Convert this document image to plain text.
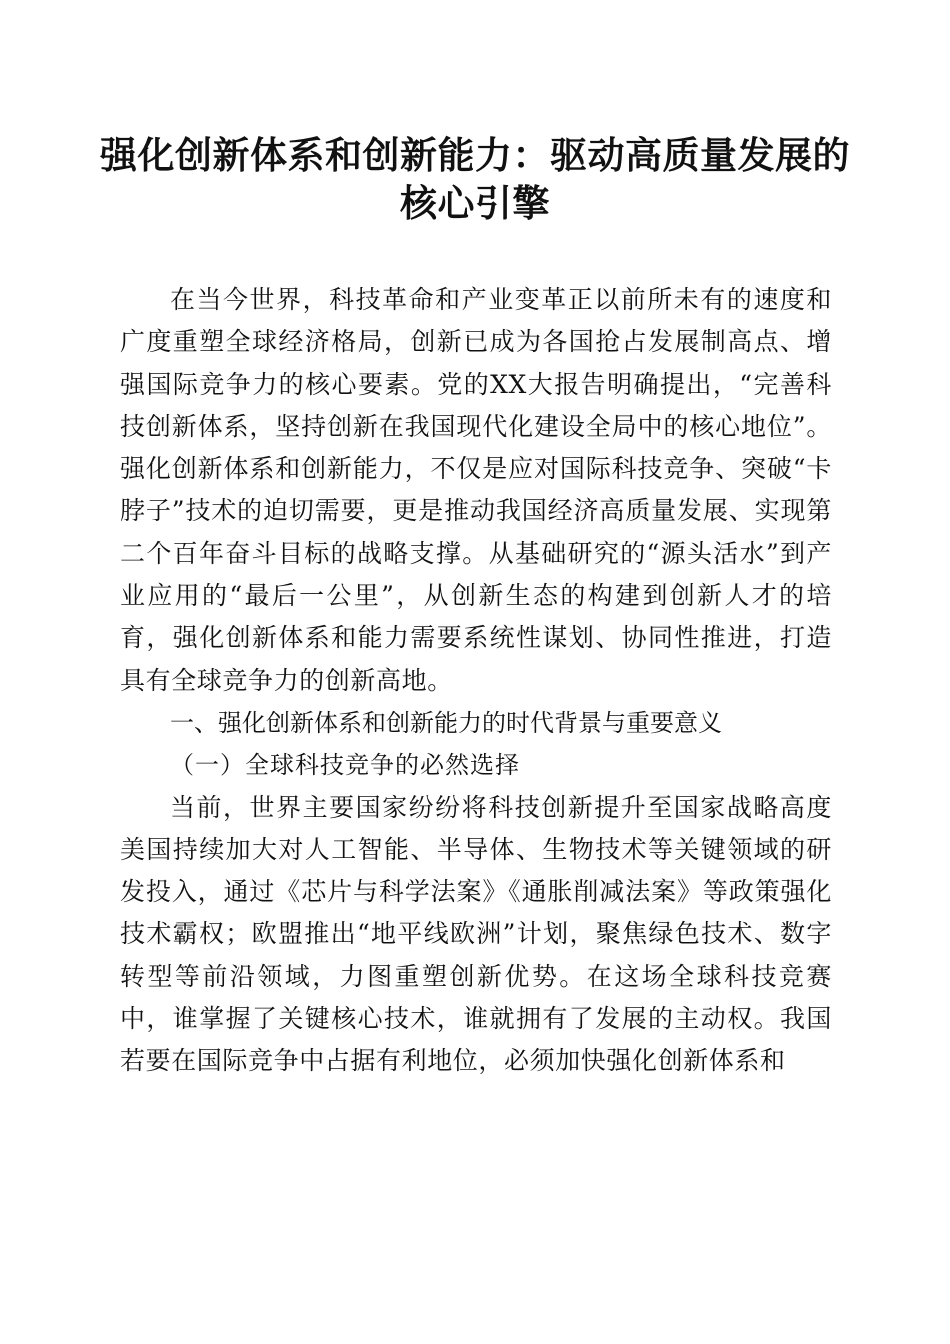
强化创新体系和创新能力：驱动高质量发展的
核心引擎

在当今世界，科技革命和产业变革正以前所未有的速度和广度重塑全球经济格局，创新已成为各国抢占发展制高点、增强国际竞争力的核心要素。党的XX大报告明确提出，“完善科技创新体系，坚持创新在我国现代化建设全局中的核心地位”。强化创新体系和创新能力，不仅是应对国际科技竞争、突破“卡脖子”技术的迫切需要，更是推动我国经济高质量发展、实现第二个百年奋斗目标的战略支撑。从基础研究的“源头活水”到产业应用的“最后一公里”，从创新生态的构建到创新人才的培育，强化创新体系和能力需要系统性谋划、协同性推进，打造具有全球竞争力的创新高地。

一、强化创新体系和创新能力的时代背景与重要意义

（一）全球科技竞争的必然选择

当前，世界主要国家纷纷将科技创新提升至国家战略高度美国持续加大对人工智能、半导体、生物技术等关键领域的研发投入，通过《芯片与科学法案》《通胀削减法案》等政策强化技术霸权；欧盟推出“地平线欧洲”计划，聚焦绿色技术、数字转型等前沿领域，力图重塑创新优势。在这场全球科技竞赛中，谁掌握了关键核心技术，谁就拥有了发展的主动权。我国若要在国际竞争中占据有利地位，必须加快强化创新体系和
